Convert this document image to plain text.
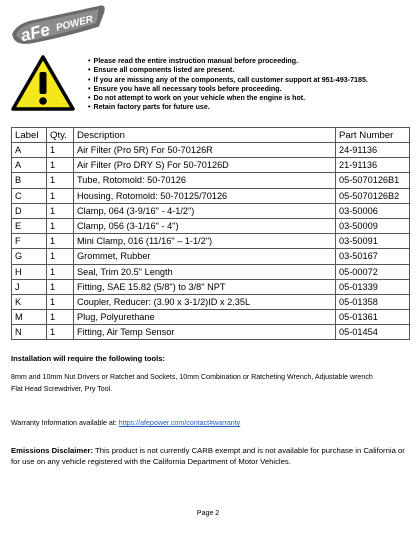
aFe POWER
• Please read the entire instruction manual before proceeding.
• Ensure all components listed are present.
• If you are missing any of the components, call customer support at 951-493-7185.
• Ensure you have all necessary tools before proceeding.
• Do not attempt to work on your vehicle when the engine is hot.
• Retain factory parts for future use.
Label	Qty.	Description	Part Number
A	1	Air Filter (Pro 5R) For 50-70126R	24-91136
A	1	Air Filter (Pro DRY S) For 50-70126D	21-91136
B	1	Tube, Rotomold: 50-70126	05-5070126B1
C	1	Housing, Rotomold: 50-70125/70126	05-5070126B2
D	1	Clamp, 064 (3-9/16" - 4-1/2")	03-50006
E	1	Clamp, 056 (3-1/16" - 4")	03-50009
F	1	Mini Clamp, 016 (11/16" – 1-1/2")	03-50091
G	1	Grommet, Rubber	03-50167
H	1	Seal, Trim 20.5" Length	05-00072
J	1	Fitting, SAE 15.82 (5/8") to 3/8" NPT	05-01339
K	1	Coupler, Reducer: (3.90 x 3-1/2)ID x 2.35L	05-01358
M	1	Plug, Polyurethane	05-01361
N	1	Fitting, Air Temp Sensor	05-01454

Installation will require the following tools:

8mm and 10mm Nut Drivers or Ratchet and Sockets, 10mm Combination or Ratcheting Wrench, Adjustable wrench
Flat Head Screwdriver, Pry Tool.

Warranty Information available at: https://afepower.com/contact#warranty

Emissions Disclaimer: This product is not currently CARB exempt and is not available for purchase in California or for use on any vehicle registered with the California Department of Motor Vehicles.

Page 2
